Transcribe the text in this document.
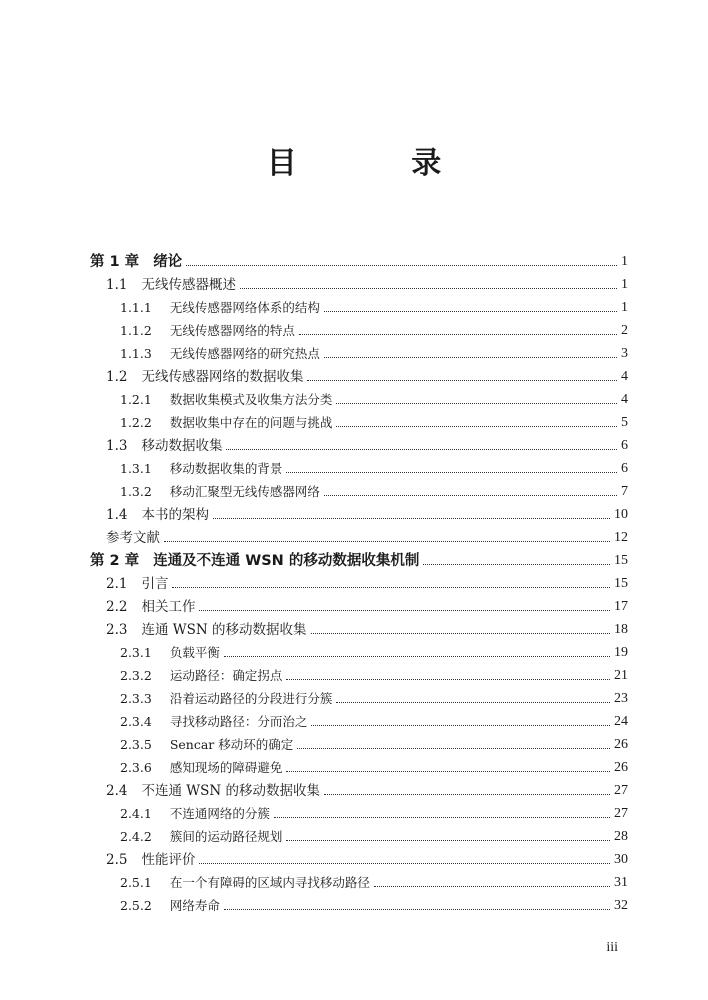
目 录
第 1 章 绪论	1
1.1 无线传感器概述	1
1.1.1 无线传感器网络体系的结构	1
1.1.2 无线传感器网络的特点	2
1.1.3 无线传感器网络的研究热点	3
1.2 无线传感器网络的数据收集	4
1.2.1 数据收集模式及收集方法分类	4
1.2.2 数据收集中存在的问题与挑战	5
1.3 移动数据收集	6
1.3.1 移动数据收集的背景	6
1.3.2 移动汇聚型无线传感器网络	7
1.4 本书的架构	10
参考文献	12
第 2 章 连通及不连通 WSN 的移动数据收集机制	15
2.1 引言	15
2.2 相关工作	17
2.3 连通 WSN 的移动数据收集	18
2.3.1 负载平衡	19
2.3.2 运动路径：确定拐点	21
2.3.3 沿着运动路径的分段进行分簇	23
2.3.4 寻找移动路径：分而治之	24
2.3.5 Sencar 移动环的确定	26
2.3.6 感知现场的障碍避免	26
2.4 不连通 WSN 的移动数据收集	27
2.4.1 不连通网络的分簇	27
2.4.2 簇间的运动路径规划	28
2.5 性能评价	30
2.5.1 在一个有障碍的区域内寻找移动路径	31
2.5.2 网络寿命	32
iii
